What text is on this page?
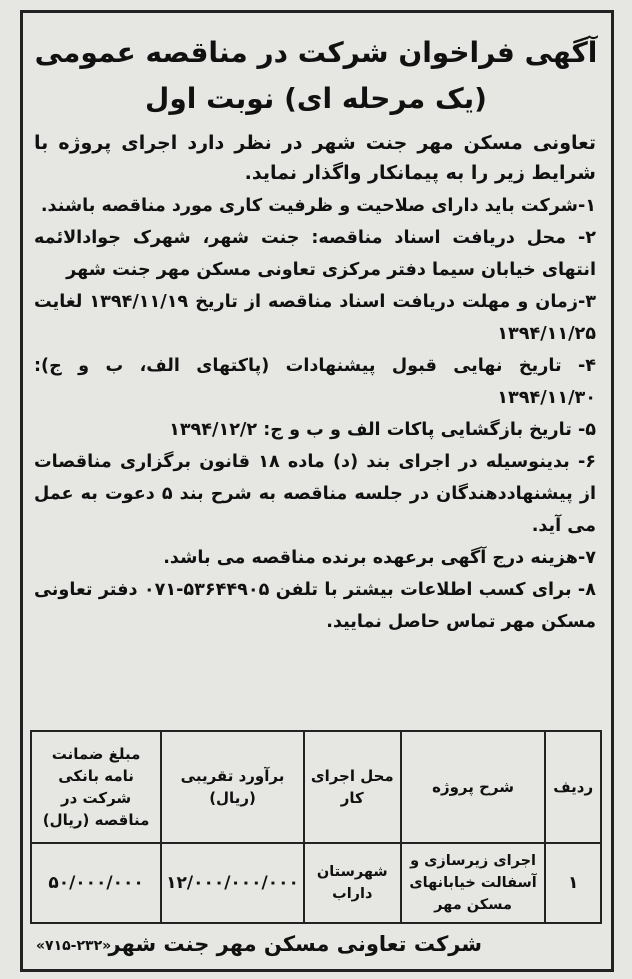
آگهی فراخوان شرکت در مناقصه عمومی
(یک مرحله ای) نوبت اول

تعاونی مسکن مهر جنت شهر در نظر دارد اجرای پروژه با شرایط زیر را به پیمانکار واگذار نماید.

۱-شرکت باید دارای صلاحیت و ظرفیت کاری مورد مناقصه باشند.

۲- محل دریافت اسناد مناقصه: جنت شهر، شهرک جوادالائمه انتهای خیابان سیما دفتر مرکزی تعاونی مسکن مهر جنت شهر

۳-زمان و مهلت دریافت اسناد مناقصه از تاریخ ۱۳۹۴/۱۱/۱۹ لغایت ۱۳۹۴/۱۱/۲۵

۴- تاریخ نهایی قبول پیشنهادات (پاکتهای الف، ب و ج): ۱۳۹۴/۱۱/۳۰

۵- تاریخ بازگشایی پاکات الف و ب و ج: ۱۳۹۴/۱۲/۲

۶- بدینوسیله در اجرای بند (د) ماده ۱۸ قانون برگزاری مناقصات از پیشنهاددهندگان در جلسه مناقصه به شرح بند ۵ دعوت به عمل می آید.

۷-هزینه درج آگهی برعهده برنده مناقصه می باشد.

۸- برای کسب اطلاعات بیشتر با تلفن ۵۳۶۴۴۹۰۵-۰۷۱ دفتر تعاونی مسکن مهر تماس حاصل نمایید.

ردیف	شرح پروژه	محل اجرای کار	برآورد تقریبی (ریال)	مبلغ ضمانت نامه بانکی شرکت در مناقصه (ریال)
۱	اجرای زیرسازی و آسفالت خیابانهای مسکن مهر	شهرستان داراب	۱۲/۰۰۰/۰۰۰/۰۰۰	۵۰/۰۰۰/۰۰۰
شرکت تعاونی مسکن مهر جنت شهر
«۷۱۵-۲۳۲»
